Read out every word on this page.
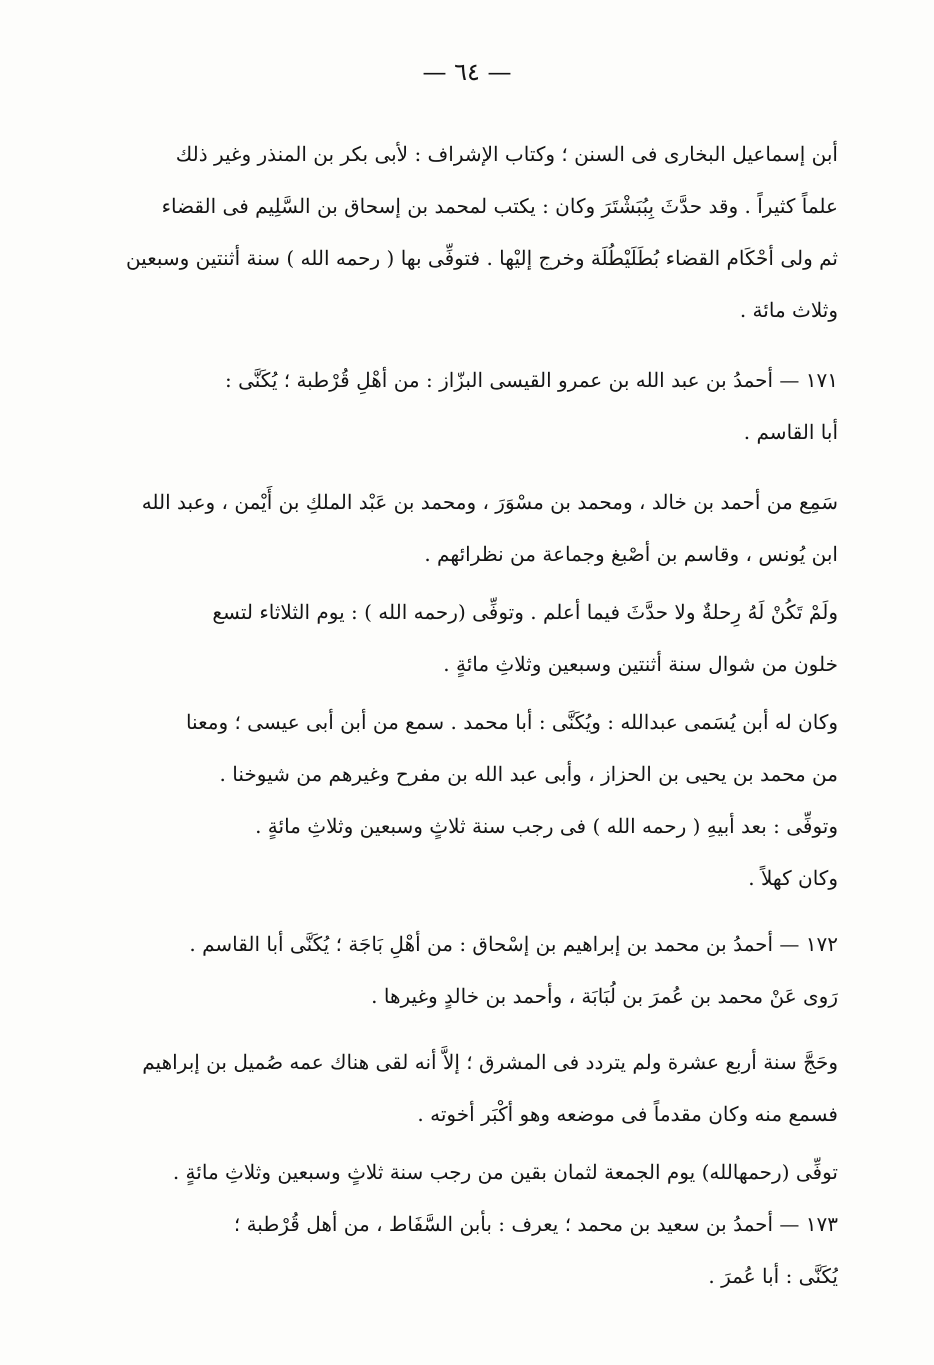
— ٦٤ —
أبن إسماعيل البخارى فى السنن ؛ وكتاب الإشراف : لأبى بكر بن المنذر وغير ذلك
علماً كثيراً . وقد حدَّثَ بِبُبَشْتَرَ وكان : يكتب لمحمد بن إسحاق بن السَّلِيم فى القضاء
ثم ولى أحْكَام القضاء بُطَلَيْطُلَة وخرج إليْها . فتوفِّى بها ( رحمه الله ) سنة أثنتين وسبعين
وثلاث مائة .
١٧١ — أحمدُ بن عبد الله بن عمرو القيسى البزّاز : من أهْلِ قُرْطبة ؛ يُكَنَّى :
أبا القاسم .
سَمِع من أحمد بن خالد ، ومحمد بن مسْوَرَ ، ومحمد بن عَبْد الملكِ بن أَيْمن ، وعبد الله
ابن يُونس ، وقاسم بن أصْبغ وجماعة من نظرائهم .
ولَمْ تَكُنْ لَهُ رِحلةٌ ولا حدَّثَ فيما أعلم . وتوفِّى (رحمه الله ) : يوم الثلاثاء لتسع
خلون من شوال سنة أثنتين وسبعين وثلاثِ مائةٍ .
وكان له أبن يُسَمى عبدالله : ويُكَنَّى : أبا محمد . سمع من أبن أبى عيسى ؛ ومعنا
من محمد بن يحيى بن الحزاز ، وأبى عبد الله بن مفرح وغيرهم من شيوخنا .
وتوفِّى : بعد أبيهِ ( رحمه الله ) فى رجب سنة ثلاثٍ وسبعين وثلاثِ مائةٍ .
وكان كهلاً .
١٧٢ — أحمدُ بن محمد بن إبراهيم بن إسْحاق : من أهْلِ بَاجَة ؛ يُكَنَّى أبا القاسم .
رَوى عَنْ محمد بن عُمرَ بن لُبَابَة ، وأحمد بن خالدٍ وغيرها .
وحَجَّ سنة أربع عشرة ولم يتردد فى المشرق ؛ إلاَّ أنه لقى هناك عمه صُميل بن إبراهيم
فسمع منه وكان مقدماً فى موضعه وهو أكْبَر أخوته .
توفِّى (رحمهالله) يوم الجمعة لثمان بقين من رجب سنة ثلاثٍ وسبعين وثلاثِ مائةٍ .
١٧٣ — أحمدُ بن سعيد بن محمد ؛ يعرف : بأبن السَّفَاط ، من أهل قُرْطبة ؛
يُكَنَّى : أبا عُمرَ .
